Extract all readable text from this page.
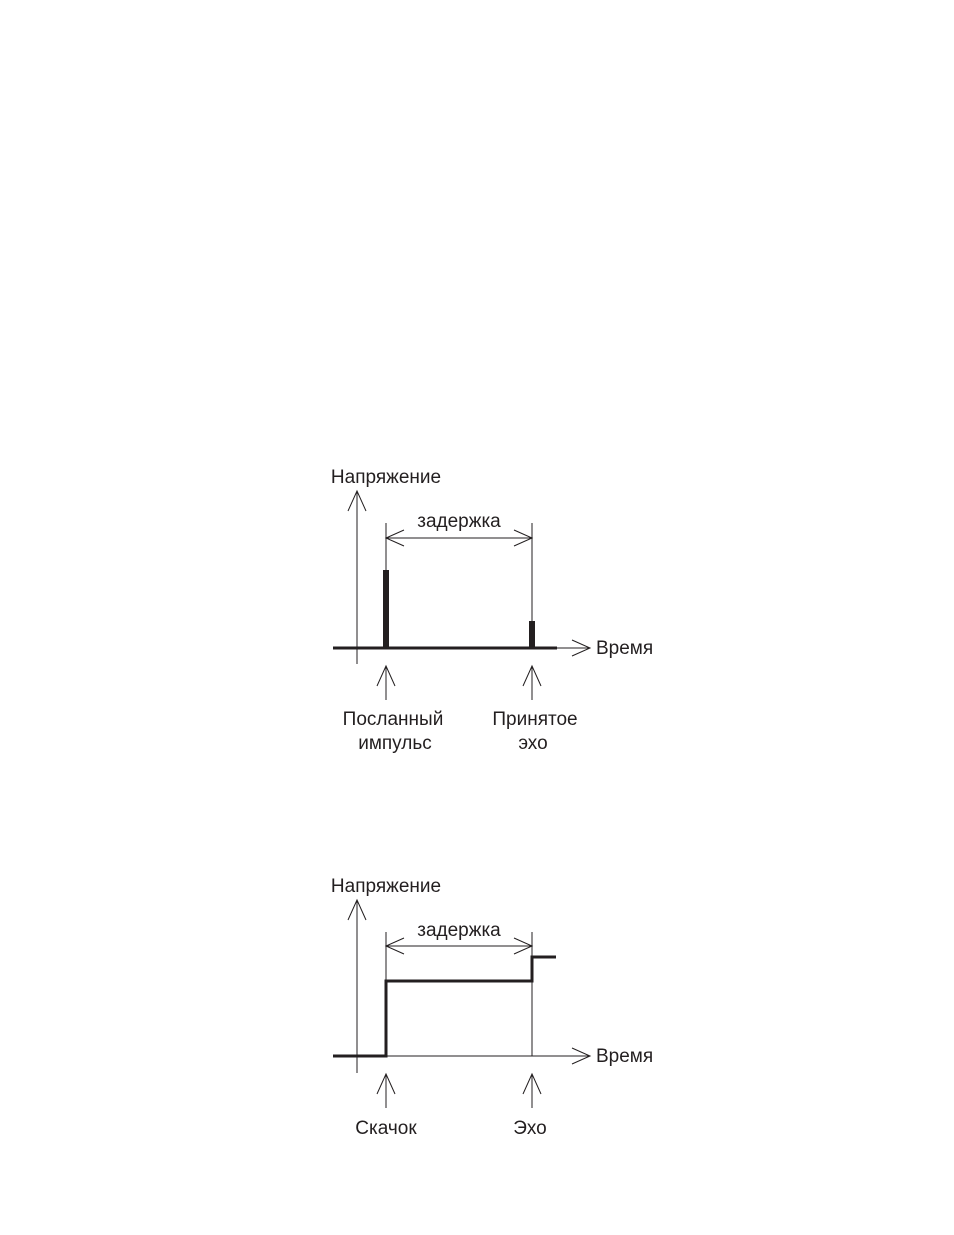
Напряжение
Время
задержка
Посланный
импульс
Принятое
эхо
Напряжение
Время
задержка
Скачок	Эхо
